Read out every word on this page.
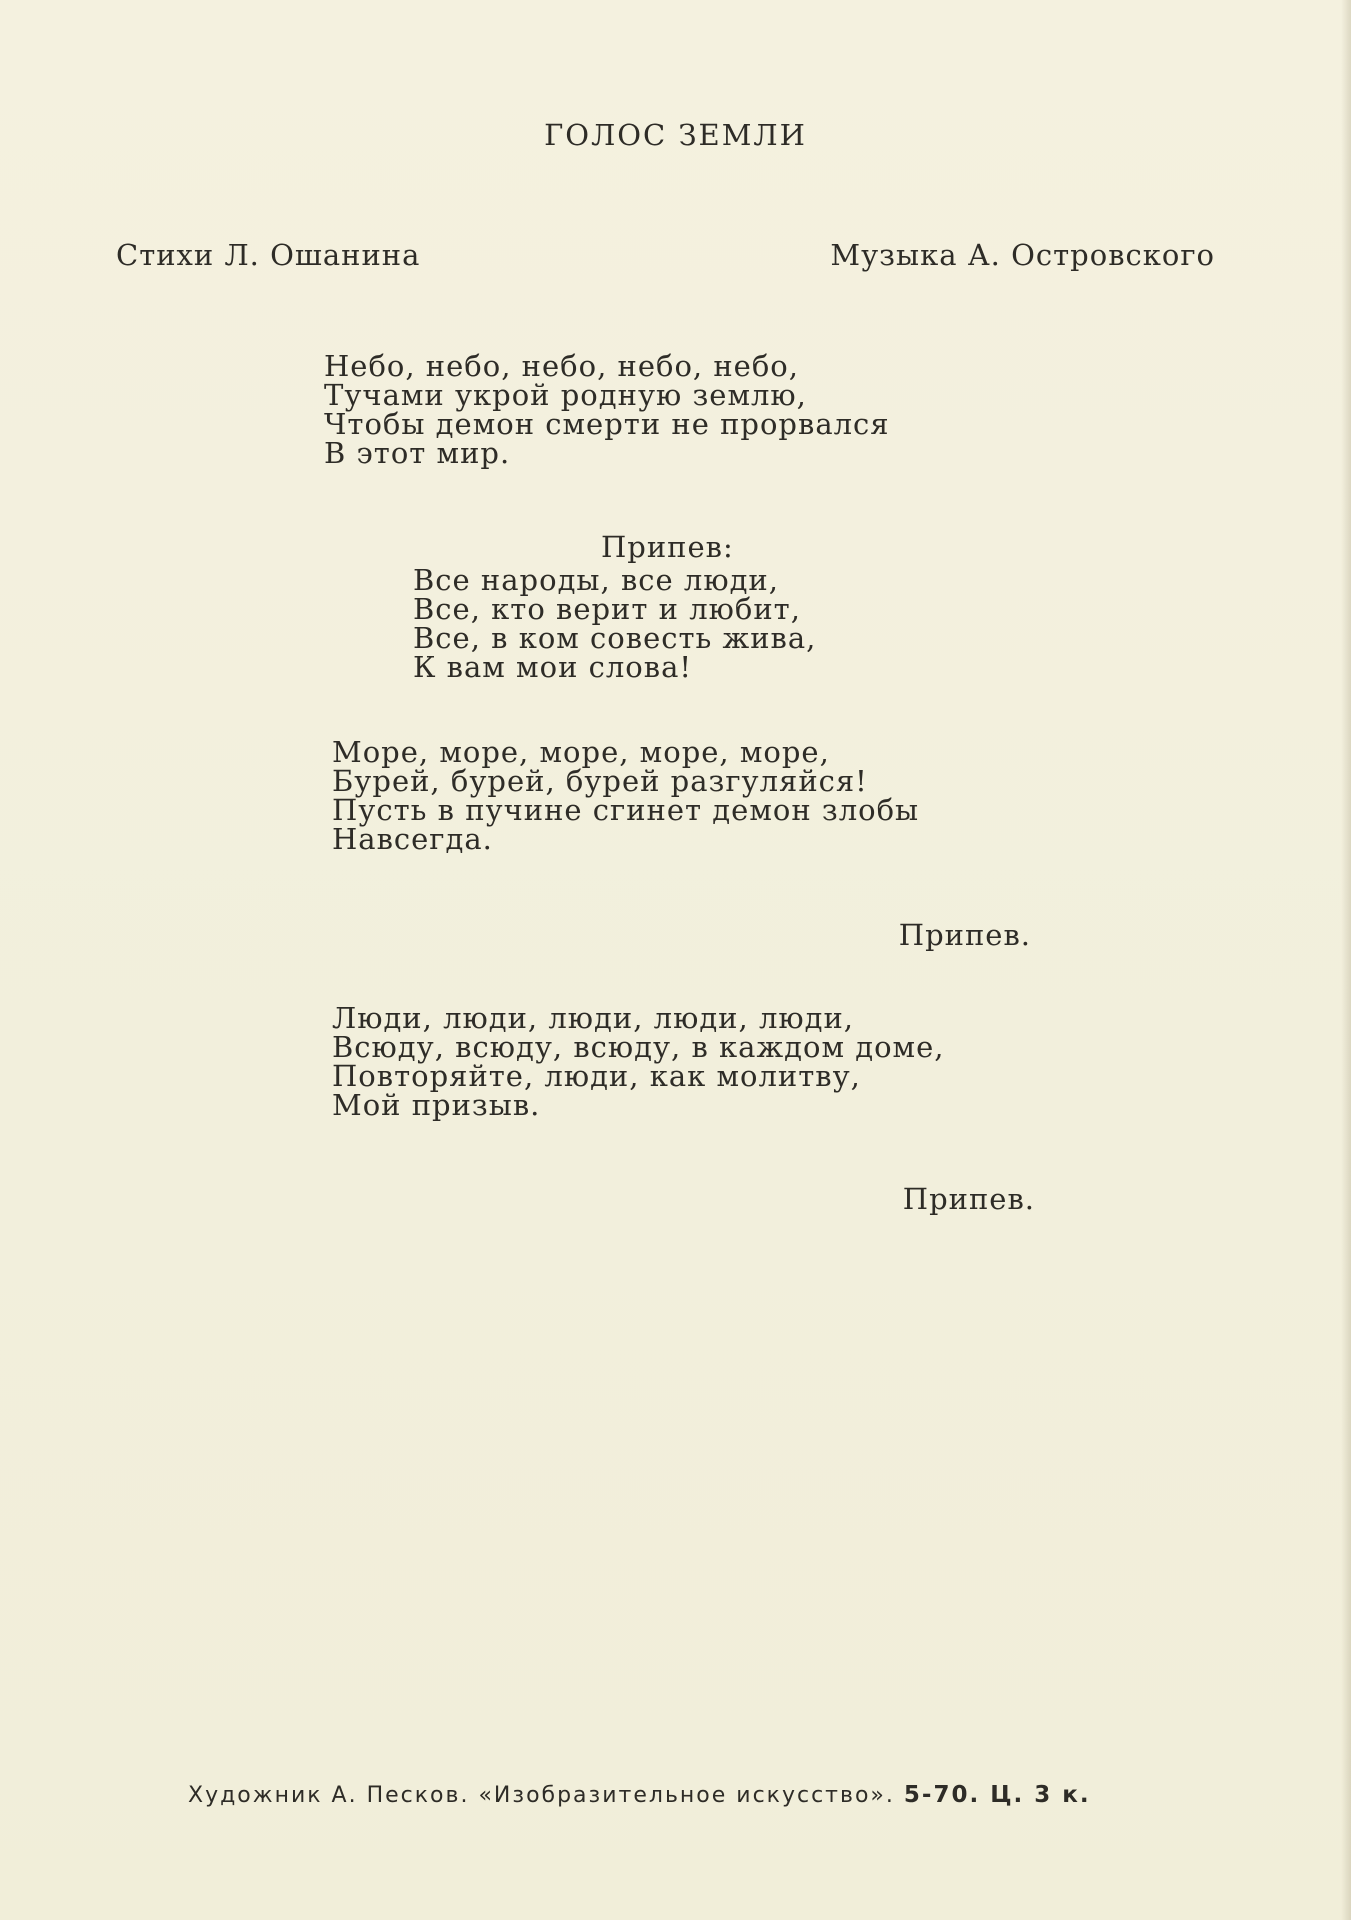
ГОЛОС ЗЕМЛИ
Стихи Л. Ошанина	Музыка А. Островского
Небо, небо, небо, небо, небо,
Тучами укрой родную землю,
Чтобы демон смерти не прорвался
В этот мир.
Припев:
Все народы, все люди,
Все, кто верит и любит,
Все, в ком совесть жива,
К вам мои слова!
Море, море, море, море, море,
Бурей, бурей, бурей разгуляйся!
Пусть в пучине сгинет демон злобы
Навсегда.
Припев.
Люди, люди, люди, люди, люди,
Всюду, всюду, всюду, в каждом доме,
Повторяйте, люди, как молитву,
Мой призыв.
Припев.
Художник А. Песков. «Изобразительное искусство». 5-70. Ц. 3 к.
